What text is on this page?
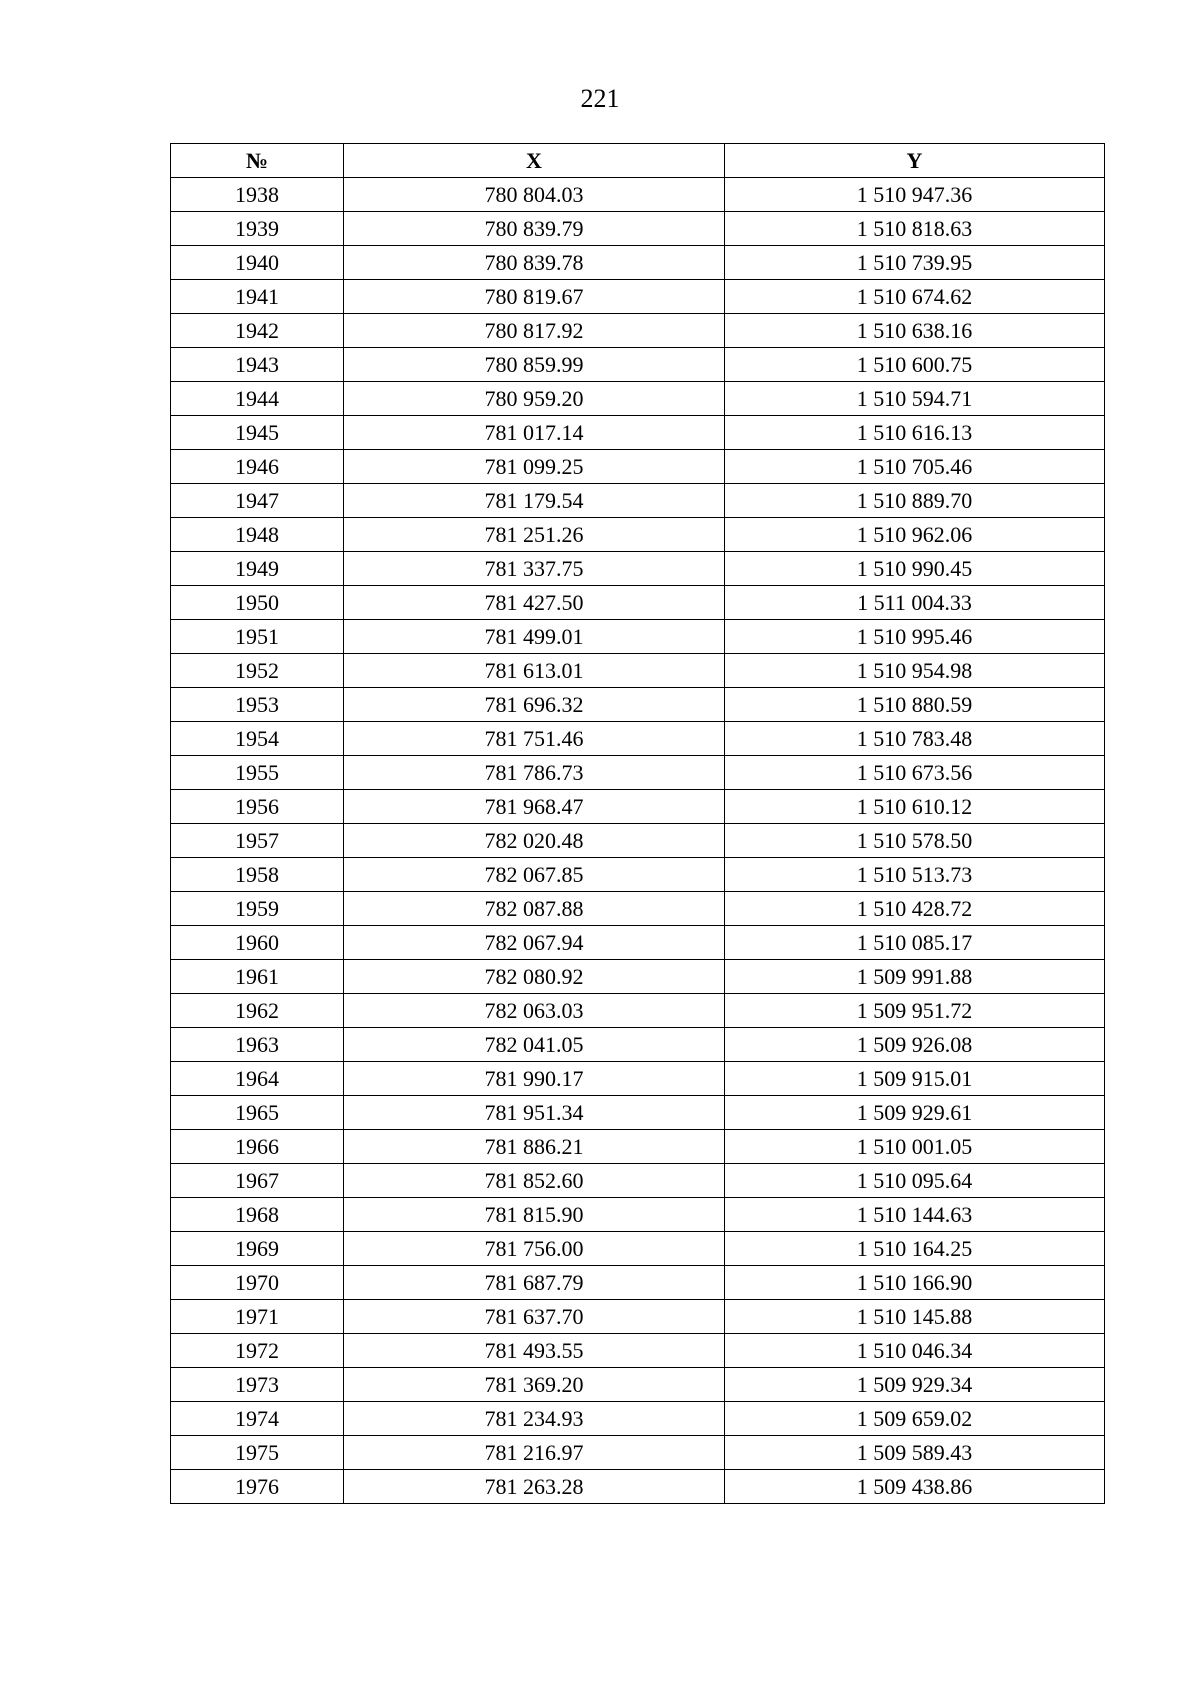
221
№	X	Y
1938	780 804.03	1 510 947.36
1939	780 839.79	1 510 818.63
1940	780 839.78	1 510 739.95
1941	780 819.67	1 510 674.62
1942	780 817.92	1 510 638.16
1943	780 859.99	1 510 600.75
1944	780 959.20	1 510 594.71
1945	781 017.14	1 510 616.13
1946	781 099.25	1 510 705.46
1947	781 179.54	1 510 889.70
1948	781 251.26	1 510 962.06
1949	781 337.75	1 510 990.45
1950	781 427.50	1 511 004.33
1951	781 499.01	1 510 995.46
1952	781 613.01	1 510 954.98
1953	781 696.32	1 510 880.59
1954	781 751.46	1 510 783.48
1955	781 786.73	1 510 673.56
1956	781 968.47	1 510 610.12
1957	782 020.48	1 510 578.50
1958	782 067.85	1 510 513.73
1959	782 087.88	1 510 428.72
1960	782 067.94	1 510 085.17
1961	782 080.92	1 509 991.88
1962	782 063.03	1 509 951.72
1963	782 041.05	1 509 926.08
1964	781 990.17	1 509 915.01
1965	781 951.34	1 509 929.61
1966	781 886.21	1 510 001.05
1967	781 852.60	1 510 095.64
1968	781 815.90	1 510 144.63
1969	781 756.00	1 510 164.25
1970	781 687.79	1 510 166.90
1971	781 637.70	1 510 145.88
1972	781 493.55	1 510 046.34
1973	781 369.20	1 509 929.34
1974	781 234.93	1 509 659.02
1975	781 216.97	1 509 589.43
1976	781 263.28	1 509 438.86
